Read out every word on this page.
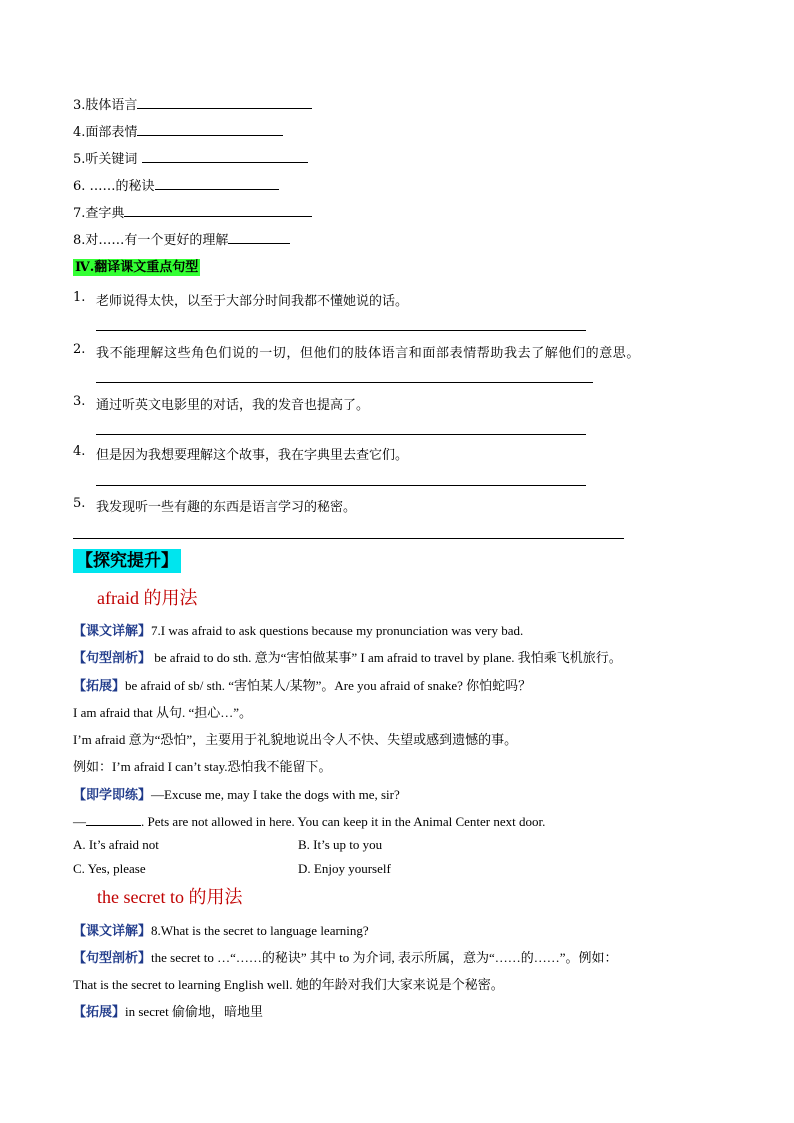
3.肢体语言
4.面部表情
5.听关键词
6. ……的秘诀
7.查字典
8.对……有一个更好的理解
Ⅳ.翻译课文重点句型
1. 老师说得太快，以至于大部分时间我都不懂她说的话。
2. 我不能理解这些角色们说的一切，但他们的肢体语言和面部表情帮助我去了解他们的意思。
3. 通过听英文电影里的对话，我的发音也提高了。
4. 但是因为我想要理解这个故事，我在字典里去查它们。
5. 我发现听一些有趣的东西是语言学习的秘密。
【探究提升】
afraid 的用法
【课文详解】7.I was afraid to ask questions because my pronunciation was very bad.
【句型剖析】 be afraid to do sth. 意为“害怕做某事” I am afraid to travel by plane. 我怕乘飞机旅行。
【拓展】be afraid of sb/ sth. “害怕某人/某物”。Are you afraid of snake? 你怕蛇吗？
I am afraid that 从句. “担心…”。
I’m afraid 意为“恐怕”，主要用于礼貌地说出令人不快、失望或感到遗憾的事。
例如：I’m afraid I can’t stay.恐怕我不能留下。
【即学即练】—Excuse me, may I take the dogs with me, sir?
—	. Pets are not allowed in here. You can keep it in the Animal Center next door.
A. It’s afraid not	B. It’s up to you
C. Yes, please	D. Enjoy yourself
the secret to 的用法
【课文详解】8.What is the secret to language learning?
【句型剖析】the secret to …“……的秘诀” 其中 to 为介词, 表示所属，意为“……的……”。例如：
That is the secret to learning English well. 她的年龄对我们大家来说是个秘密。
【拓展】in secret 偷偷地，暗地里
